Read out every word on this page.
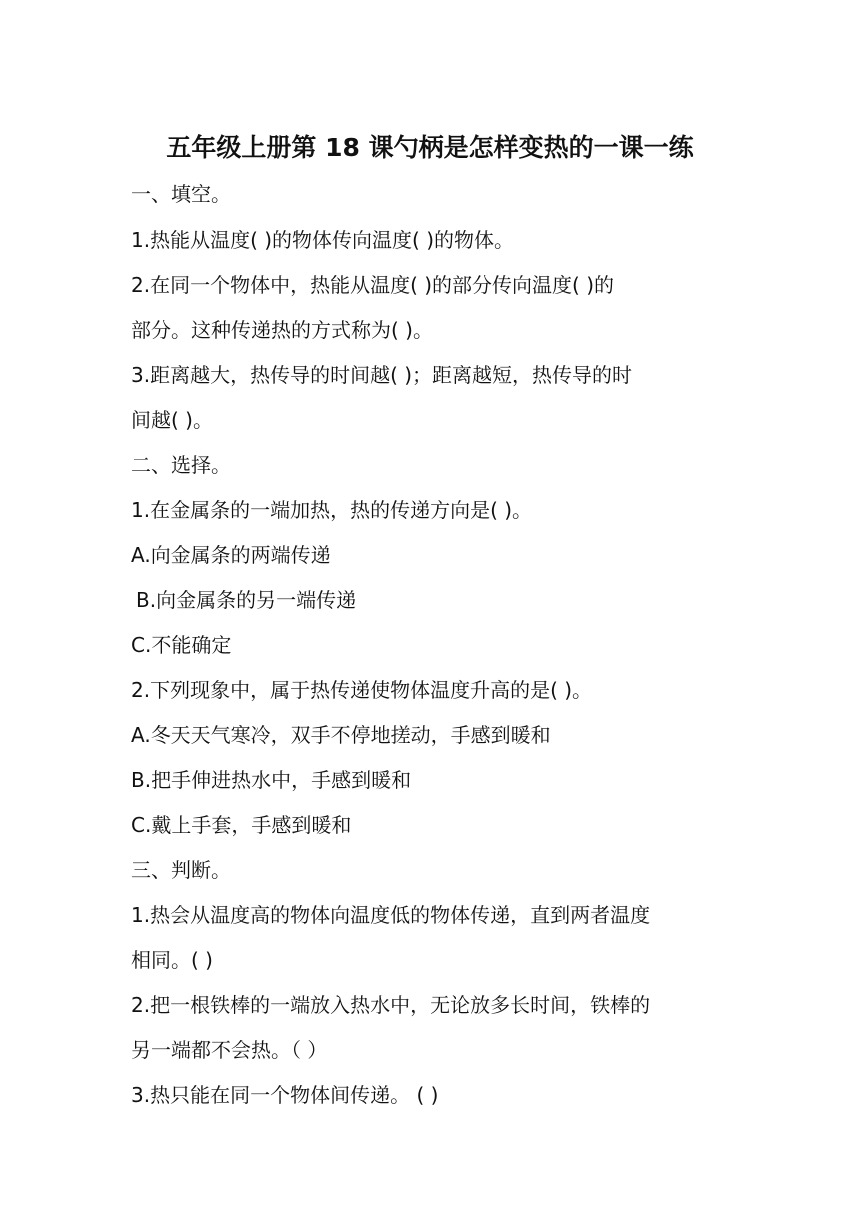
五年级上册第 18 课勺柄是怎样变热的一课一练
一、填空。
1.热能从温度( )的物体传向温度( )的物体。
2.在同一个物体中，热能从温度( )的部分传向温度( )的
部分。这种传递热的方式称为( )。
3.距离越大，热传导的时间越( )；距离越短，热传导的时
间越( )。
二、选择。
1.在金属条的一端加热，热的传递方向是( )。
A.向金属条的两端传递
B.向金属条的另一端传递
C.不能确定
2.下列现象中，属于热传递使物体温度升高的是( )。
A.冬天天气寒冷，双手不停地搓动，手感到暖和
B.把手伸进热水中，手感到暖和
C.戴上手套，手感到暖和
三、判断。
1.热会从温度高的物体向温度低的物体传递，直到两者温度
相同。( )
2.把一根铁棒的一端放入热水中，无论放多长时间，铁棒的
另一端都不会热。（ ）
3.热只能在同一个物体间传递。 ( )
